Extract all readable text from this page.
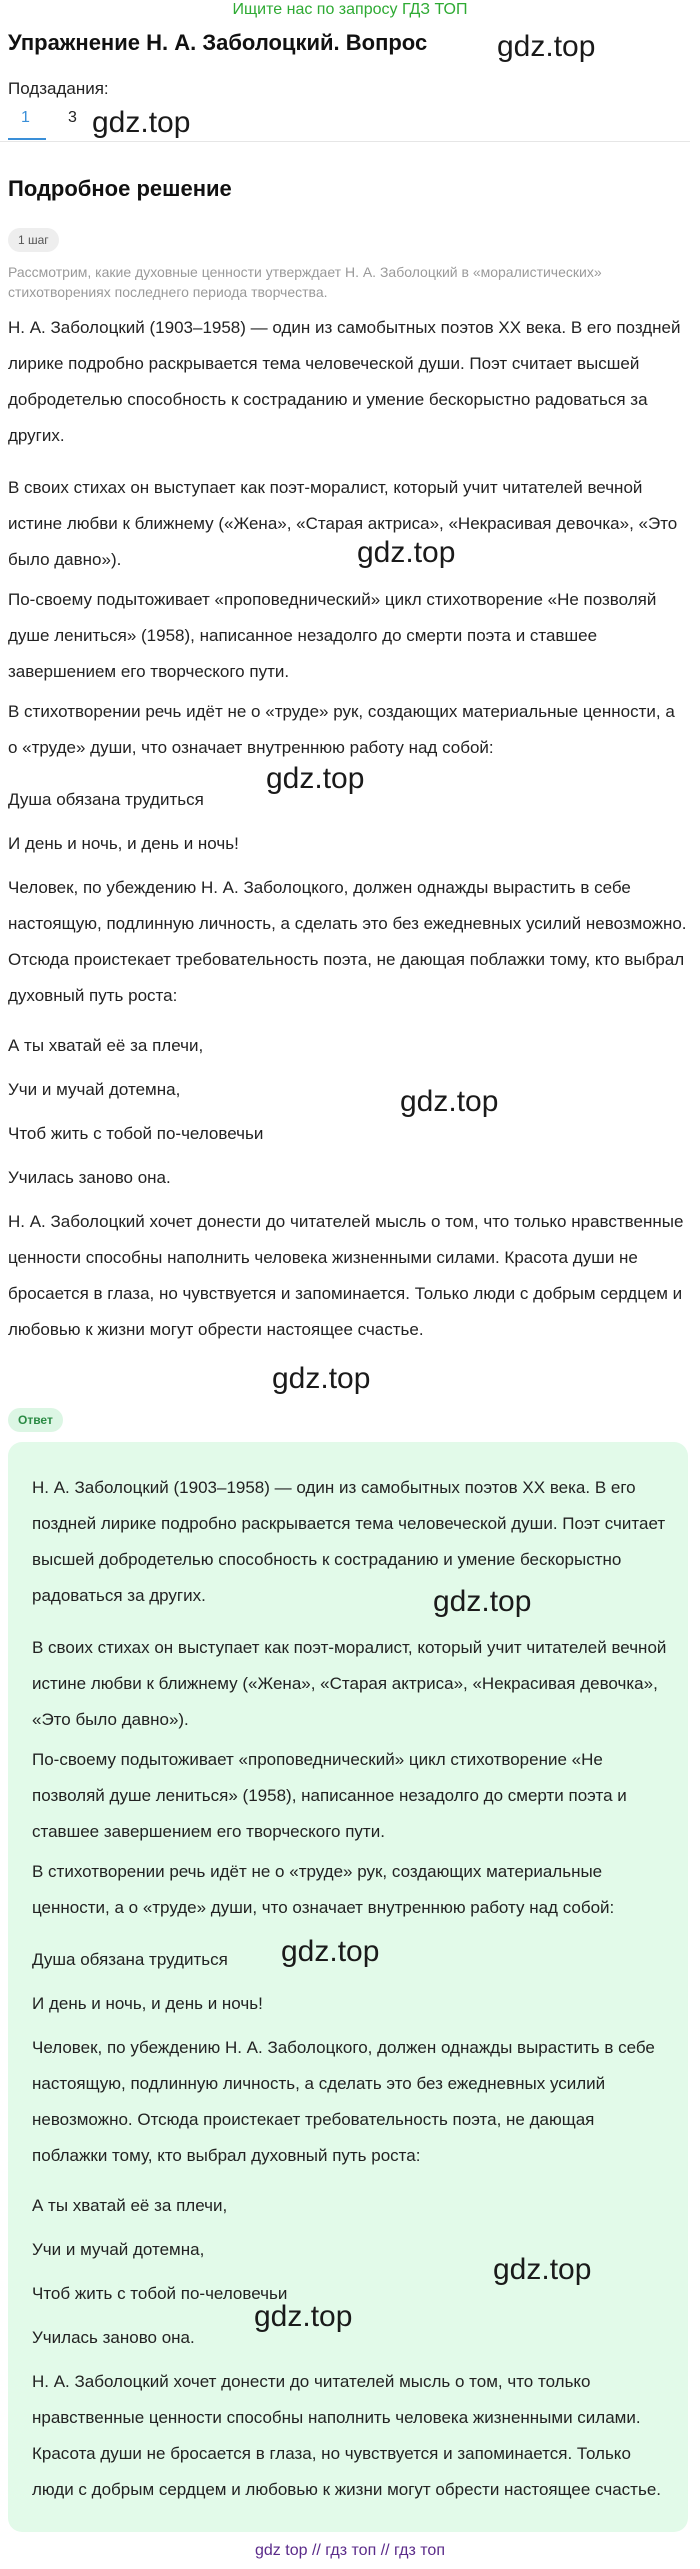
Ищите нас по запросу ГДЗ ТОП
Упражнение Н. А. Заболоцкий. Вопрос gdz.top
Подзадания:
1 3 gdz.top
Подробное решение
1 шаг
Рассмотрим, какие духовные ценности утверждает Н. А. Заболоцкий в «моралистических» стихотворениях последнего периода творчества.
Н. А. Заболоцкий (1903–1958) — один из самобытных поэтов XX века. В его поздней лирике подробно раскрывается тема человеческой души. Поэт считает высшей добродетелью способность к состраданию и умение бескорыстно радоваться за других.
В своих стихах он выступает как поэт-моралист, который учит читателей вечной истине любви к ближнему («Жена», «Старая актриса», «Некрасивая девочка», «Это было давно»).	gdz.top
По-своему подытоживает «проповеднический» цикл стихотворение «Не позволяй душе лениться» (1958), написанное незадолго до смерти поэта и ставшее завершением его творческого пути.
В стихотворении речь идёт не о «труде» рук, создающих материальные ценности, а о «труде» души, что означает внутреннюю работу над собой:
Душа обязана трудиться
gdz.top
И день и ночь, и день и ночь!
Человек, по убеждению Н. А. Заболоцкого, должен однажды вырастить в себе настоящую, подлинную личность, а сделать это без ежедневных усилий невозможно. Отсюда проистекает требовательность поэта, не дающая поблажки тому, кто выбрал духовный путь роста:
А ты хватай её за плечи,
Учи и мучай дотемна,	gdz.top
Чтоб жить с тобой по-человечьи
Училась заново она.
Н. А. Заболоцкий хочет донести до читателей мысль о том, что только нравственные ценности способны наполнить человека жизненными силами. Красота души не бросается в глаза, но чувствуется и запоминается. Только люди с добрым сердцем и любовью к жизни могут обрести настоящее счастье.
gdz.top
Ответ
Н. А. Заболоцкий (1903–1958) — один из самобытных поэтов XX века. В его поздней лирике подробно раскрывается тема человеческой души. Поэт считает высшей добродетелью способность к состраданию и умение бескорыстно радоваться за других.	gdz.top
В своих стихах он выступает как поэт-моралист, который учит читателей вечной истине любви к ближнему («Жена», «Старая актриса», «Некрасивая девочка», «Это было давно»).
По-своему подытоживает «проповеднический» цикл стихотворение «Не позволяй душе лениться» (1958), написанное незадолго до смерти поэта и ставшее завершением его творческого пути.
В стихотворении речь идёт не о «труде» рук, создающих материальные ценности, а о «труде» души, что означает внутреннюю работу над собой:
Душа обязана трудиться	gdz.top
И день и ночь, и день и ночь!
Человек, по убеждению Н. А. Заболоцкого, должен однажды вырастить в себе настоящую, подлинную личность, а сделать это без ежедневных усилий невозможно. Отсюда проистекает требовательность поэта, не дающая поблажки тому, кто выбрал духовный путь роста:
А ты хватай её за плечи,
Учи и мучай дотемна,
gdz.top
Чтоб жить с тобой по-человечьи
Училась заново она.
gdz.top
Н. А. Заболоцкий хочет донести до читателей мысль о том, что только нравственные ценности способны наполнить человека жизненными силами. Красота души не бросается в глаза, но чувствуется и запоминается. Только люди с добрым сердцем и любовью к жизни могут обрести настоящее счастье.
gdz top // гдз топ // гдз топ
